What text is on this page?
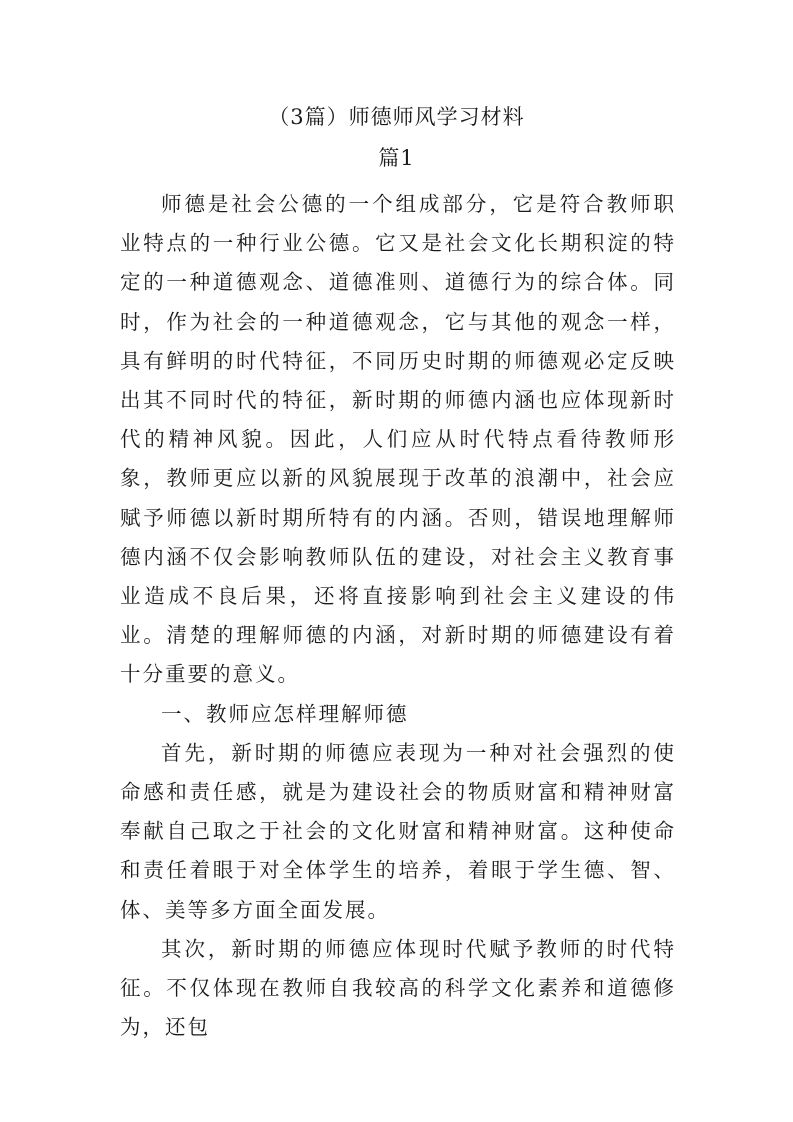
（3篇）师德师风学习材料
篇1

师德是社会公德的一个组成部分，它是符合教师职业特点的一种行业公德。它又是社会文化长期积淀的特定的一种道德观念、道德准则、道德行为的综合体。同时，作为社会的一种道德观念，它与其他的观念一样，具有鲜明的时代特征，不同历史时期的师德观必定反映出其不同时代的特征，新时期的师德内涵也应体现新时代的精神风貌。因此，人们应从时代特点看待教师形象，教师更应以新的风貌展现于改革的浪潮中，社会应赋予师德以新时期所特有的内涵。否则，错误地理解师德内涵不仅会影响教师队伍的建设，对社会主义教育事业造成不良后果，还将直接影响到社会主义建设的伟业。清楚的理解师德的内涵，对新时期的师德建设有着十分重要的意义。

一、教师应怎样理解师德

首先，新时期的师德应表现为一种对社会强烈的使命感和责任感，就是为建设社会的物质财富和精神财富奉献自己取之于社会的文化财富和精神财富。这种使命和责任着眼于对全体学生的培养，着眼于学生德、智、体、美等多方面全面发展。

其次，新时期的师德应体现时代赋予教师的时代特征。不仅体现在教师自我较高的科学文化素养和道德修为，还包
